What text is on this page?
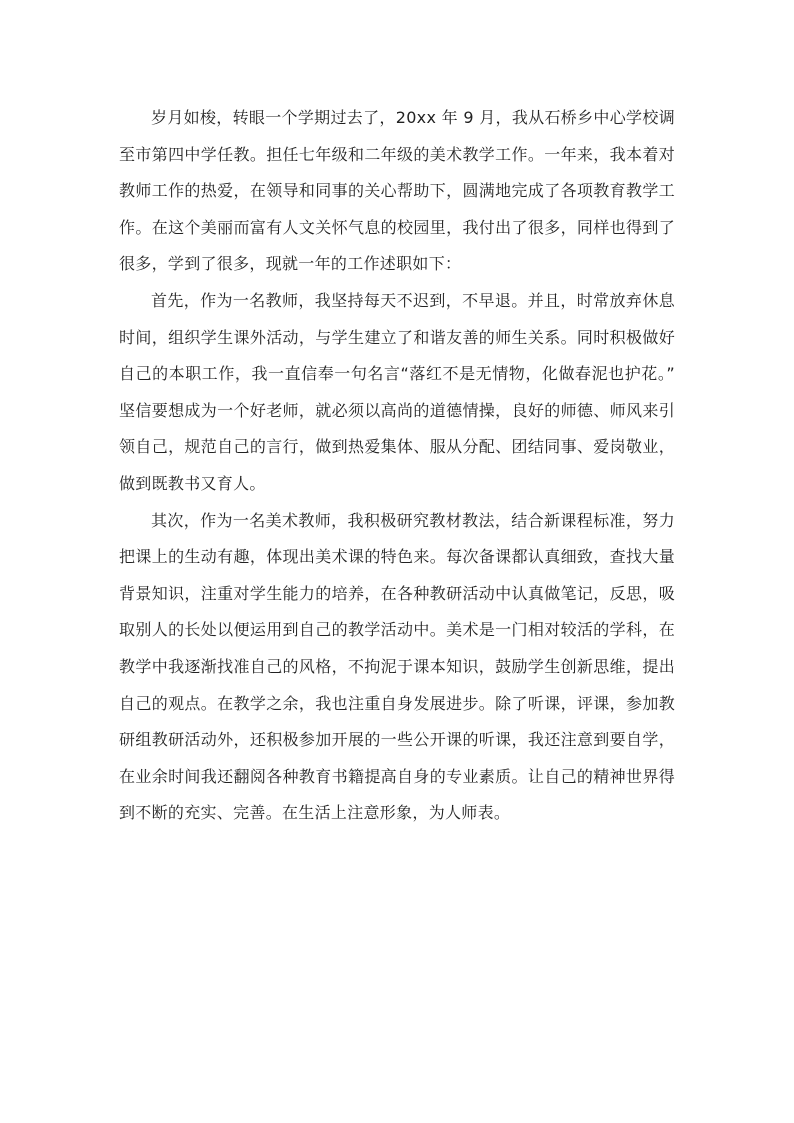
岁月如梭，转眼一个学期过去了，20xx 年 9 月，我从石桥乡中心学校调至市第四中学任教。担任七年级和二年级的美术教学工作。一年来，我本着对教师工作的热爱，在领导和同事的关心帮助下，圆满地完成了各项教育教学工作。在这个美丽而富有人文关怀气息的校园里，我付出了很多，同样也得到了很多，学到了很多，现就一年的工作述职如下：

首先，作为一名教师，我坚持每天不迟到，不早退。并且，时常放弃休息时间，组织学生课外活动，与学生建立了和谐友善的师生关系。同时积极做好自己的本职工作，我一直信奉一句名言“落红不是无情物，化做春泥也护花。” 坚信要想成为一个好老师，就必须以高尚的道德情操，良好的师德、师风来引领自己，规范自己的言行，做到热爱集体、服从分配、团结同事、爱岗敬业，做到既教书又育人。

其次，作为一名美术教师，我积极研究教材教法，结合新课程标准，努力把课上的生动有趣，体现出美术课的特色来。每次备课都认真细致，查找大量背景知识，注重对学生能力的培养，在各种教研活动中认真做笔记，反思，吸取别人的长处以便运用到自己的教学活动中。美术是一门相对较活的学科，在教学中我逐渐找准自己的风格，不拘泥于课本知识，鼓励学生创新思维，提出自己的观点。在教学之余，我也注重自身发展进步。除了听课，评课，参加教研组教研活动外，还积极参加开展的一些公开课的听课，我还注意到要自学，在业余时间我还翻阅各种教育书籍提高自身的专业素质。让自己的精神世界得到不断的充实、完善。在生活上注意形象，为人师表。
